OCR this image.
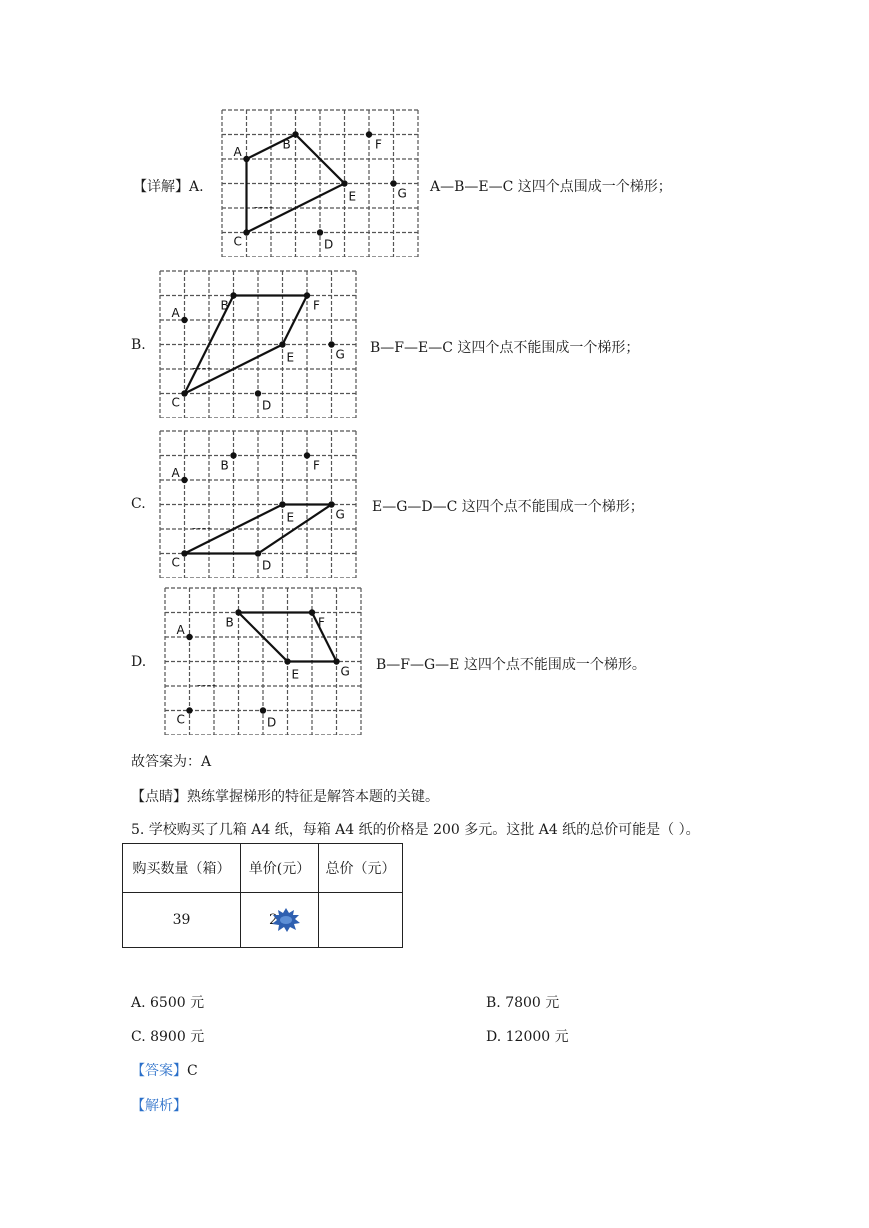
【详解】A.
A
B
C	D
E
F
G A—B—E—C 这四个点围成一个梯形；
B.
A
B
C	D
E
F
G B—F—E—C 这四个点不能围成一个梯形；
C.
A
B
C	D
E
F
G E—G—D—C 这四个点不能围成一个梯形；
D.
A
B
C	D
E
F
G B—F—G—E 这四个点不能围成一个梯形。
故答案为：A
【点睛】熟练掌握梯形的特征是解答本题的关键。
5. 学校购买了几箱 A4 纸，每箱 A4 纸的价格是 200 多元。这批 A4 纸的总价可能是（ ）。
购买数量（箱）	单价(元）	总价（元）
39	2

A. 6500 元	B. 7800 元
C. 8900 元	D. 12000 元
【答案】C
【解析】
